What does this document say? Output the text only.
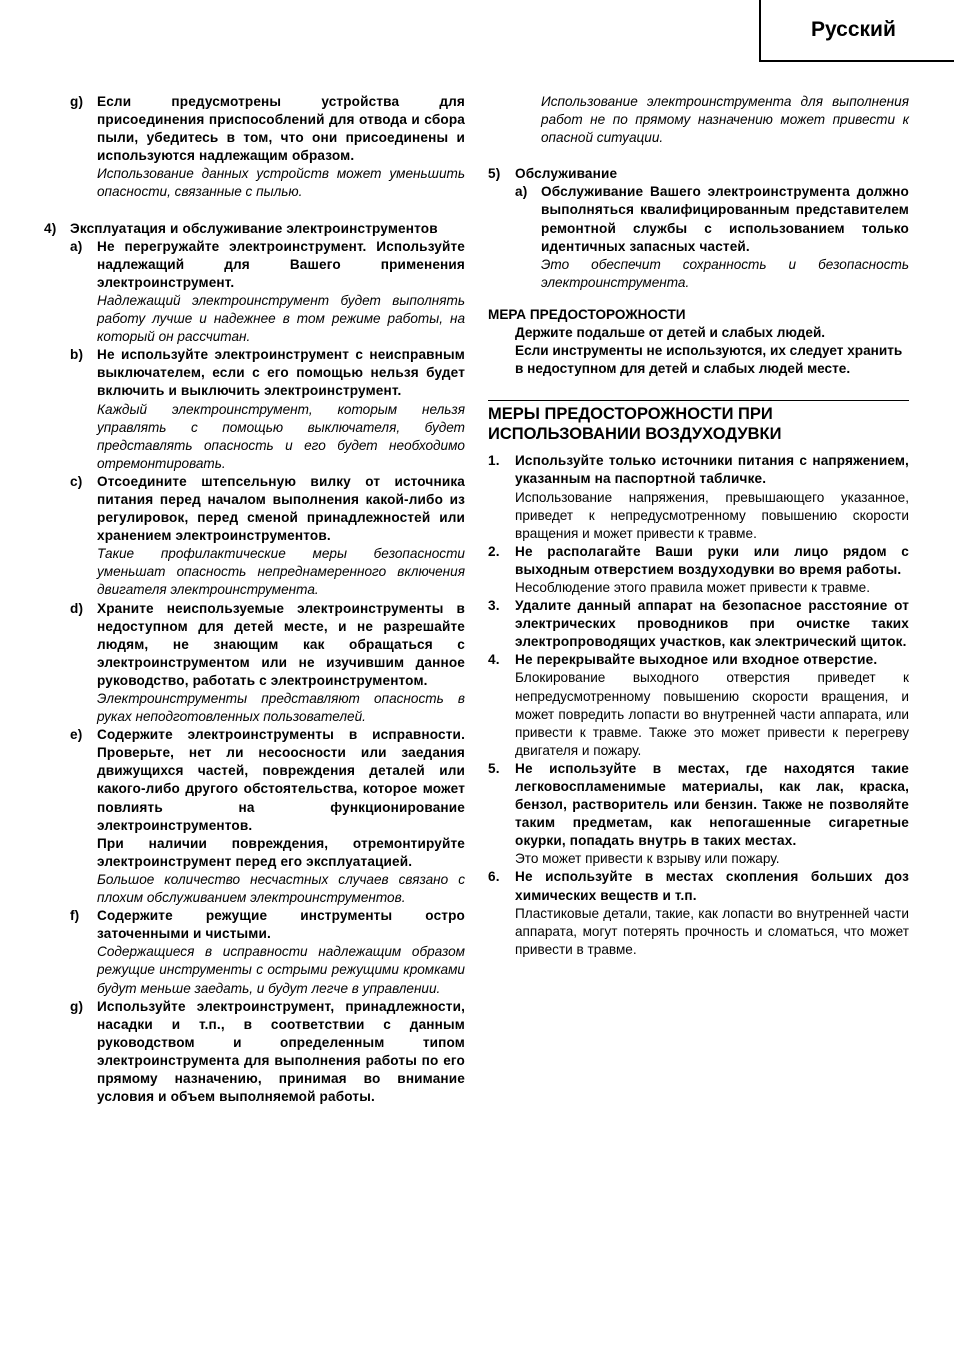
Русский
g)	Если предусмотрены устройства для присоединения приспособлений для отвода и сбора пыли, убедитесь в том, что они присоединены и используются надлежащим образом.

Использование данных устройств может уменьшить опасности, связанные с пылью.

4)	Эксплуатация и обслуживание электроинструментов

a)	Не перегружайте электроинструмент. Используйте надлежащий для Вашего применения электроинструмент.

Надлежащий электроинструмент будет выполнять работу лучше и надежнее в том режиме работы, на который он рассчитан.

b)	Не используйте электроинструмент с неисправным выключателем, если с его помощью нельзя будет включить и выключить электроинструмент.

Каждый электроинструмент, которым нельзя управлять с помощью выключателя, будет представлять опасность и его будет необходимо отремонтировать.

c)	Отсоедините штепсельную вилку от источника питания перед началом выполнения какой-либо из регулировок, перед сменой принадлежностей или хранением электроинструментов.

Такие профилактические меры безопасности уменьшат опасность непреднамеренного включения двигателя электроинструмента.

d)	Храните неиспользуемые электроинструменты в недоступном для детей месте, и не разрешайте людям, не знающим как обращаться с электроинструментом или не изучившим данное руководство, работать с электроинструментом.

Электроинструменты представляют опасность в руках неподготовленных пользователей.

e)	Содержите электроинструменты в исправности. Проверьте, нет ли несоосности или заедания движущихся частей, повреждения деталей или какого-либо другого обстоятельства, которое может повлиять на функционирование электроинструментов.

При наличии повреждения, отремонтируйте электроинструмент перед его эксплуатацией.

Большое количество несчастных случаев связано с плохим обслуживанием электроинструментов.

f)	Содержите режущие инструменты остро заточенными и чистыми.

Содержащиеся в исправности надлежащим образом режущие инструменты с острыми режущими кромками будут меньше заедать, и будут легче в управлении.

g)	Используйте электроинструмент, принадлежности, насадки и т.п., в соответствии с данным руководством и определенным типом электроинструмента для выполнения работы по его прямому назначению, принимая во внимание условия и объем выполняемой работы.

Использование электроинструмента для выполнения работ не по прямому назначению может привести к опасной ситуации.

5)	Обслуживание

a)	Обслуживание Вашего электроинструмента должно выполняться квалифицированным представителем ремонтной службы с использованием только идентичных запасных частей.

Это обеспечит сохранность и безопасность электроинструмента.

МЕРА ПРЕДОСТОРОЖНОСТИ

Держите подальше от детей и слабых людей.

Если инструменты не используются, их следует хранить в недоступном для детей и слабых людей месте.

МЕРЫ ПРЕДОСТОРОЖНОСТИ ПРИ ИСПОЛЬЗОВАНИИ ВОЗДУХОДУВКИ
1.	Используйте только источники питания с напряжением, указанным на паспортной табличке.

Использование напряжения, превышающего указанное, приведет к непредусмотренному повышению скорости вращения и может привести к травме.

2.	Не располагайте Ваши руки или лицо рядом с выходным отверстием воздуходувки во время работы.

Несоблюдение этого правила может привести к травме.

3.	Удалите данный аппарат на безопасное расстояние от электрических проводников при очистке таких электропроводящих участков, как электрический щиток.

4.	Не перекрывайте выходное или входное отверстие.

Блокирование выходного отверстия приведет к непредусмотренному повышению скорости вращения, и может повредить лопасти во внутренней части аппарата, или привести к травме. Также это может привести к перегреву двигателя и пожару.

5.	Не используйте в местах, где находятся такие легковоспламенимые материалы, как лак, краска, бензол, растворитель или бензин. Также не позволяйте таким предметам, как непогашенные сигаретные окурки, попадать внутрь в таких местах.

Это может привести к взрыву или пожару.

6.	Не используйте в местах скопления больших доз химических веществ и т.п.

Пластиковые детали, такие, как лопасти во внутренней части аппарата, могут потерять прочность и сломаться, что может привести в травме.
